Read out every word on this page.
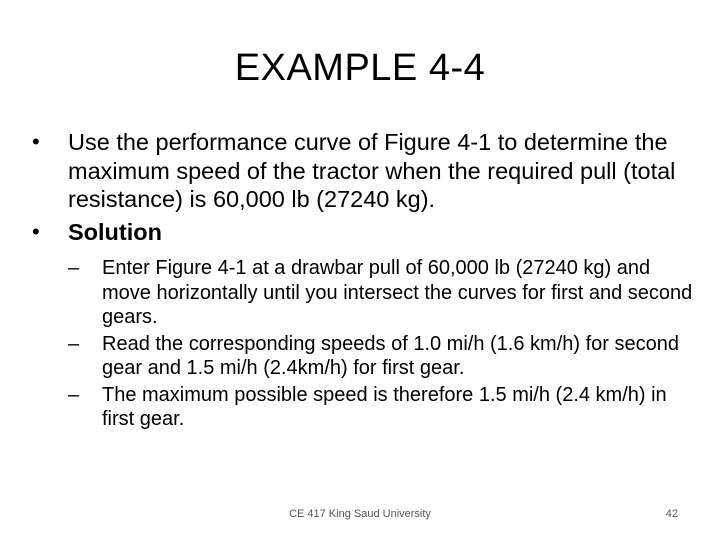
EXAMPLE 4-4
• Use the performance curve of Figure 4-1 to determine the maximum speed of the tractor when the required pull (total resistance) is 60,000 lb (27240 kg).
• Solution
– Enter Figure 4-1 at a drawbar pull of 60,000 lb (27240 kg) and move horizontally until you intersect the curves for first and second gears.
– Read the corresponding speeds of 1.0 mi/h (1.6 km/h) for second gear and 1.5 mi/h (2.4km/h) for first gear.
– The maximum possible speed is therefore 1.5 mi/h (2.4 km/h) in first gear.
CE 417 King Saud University	42
